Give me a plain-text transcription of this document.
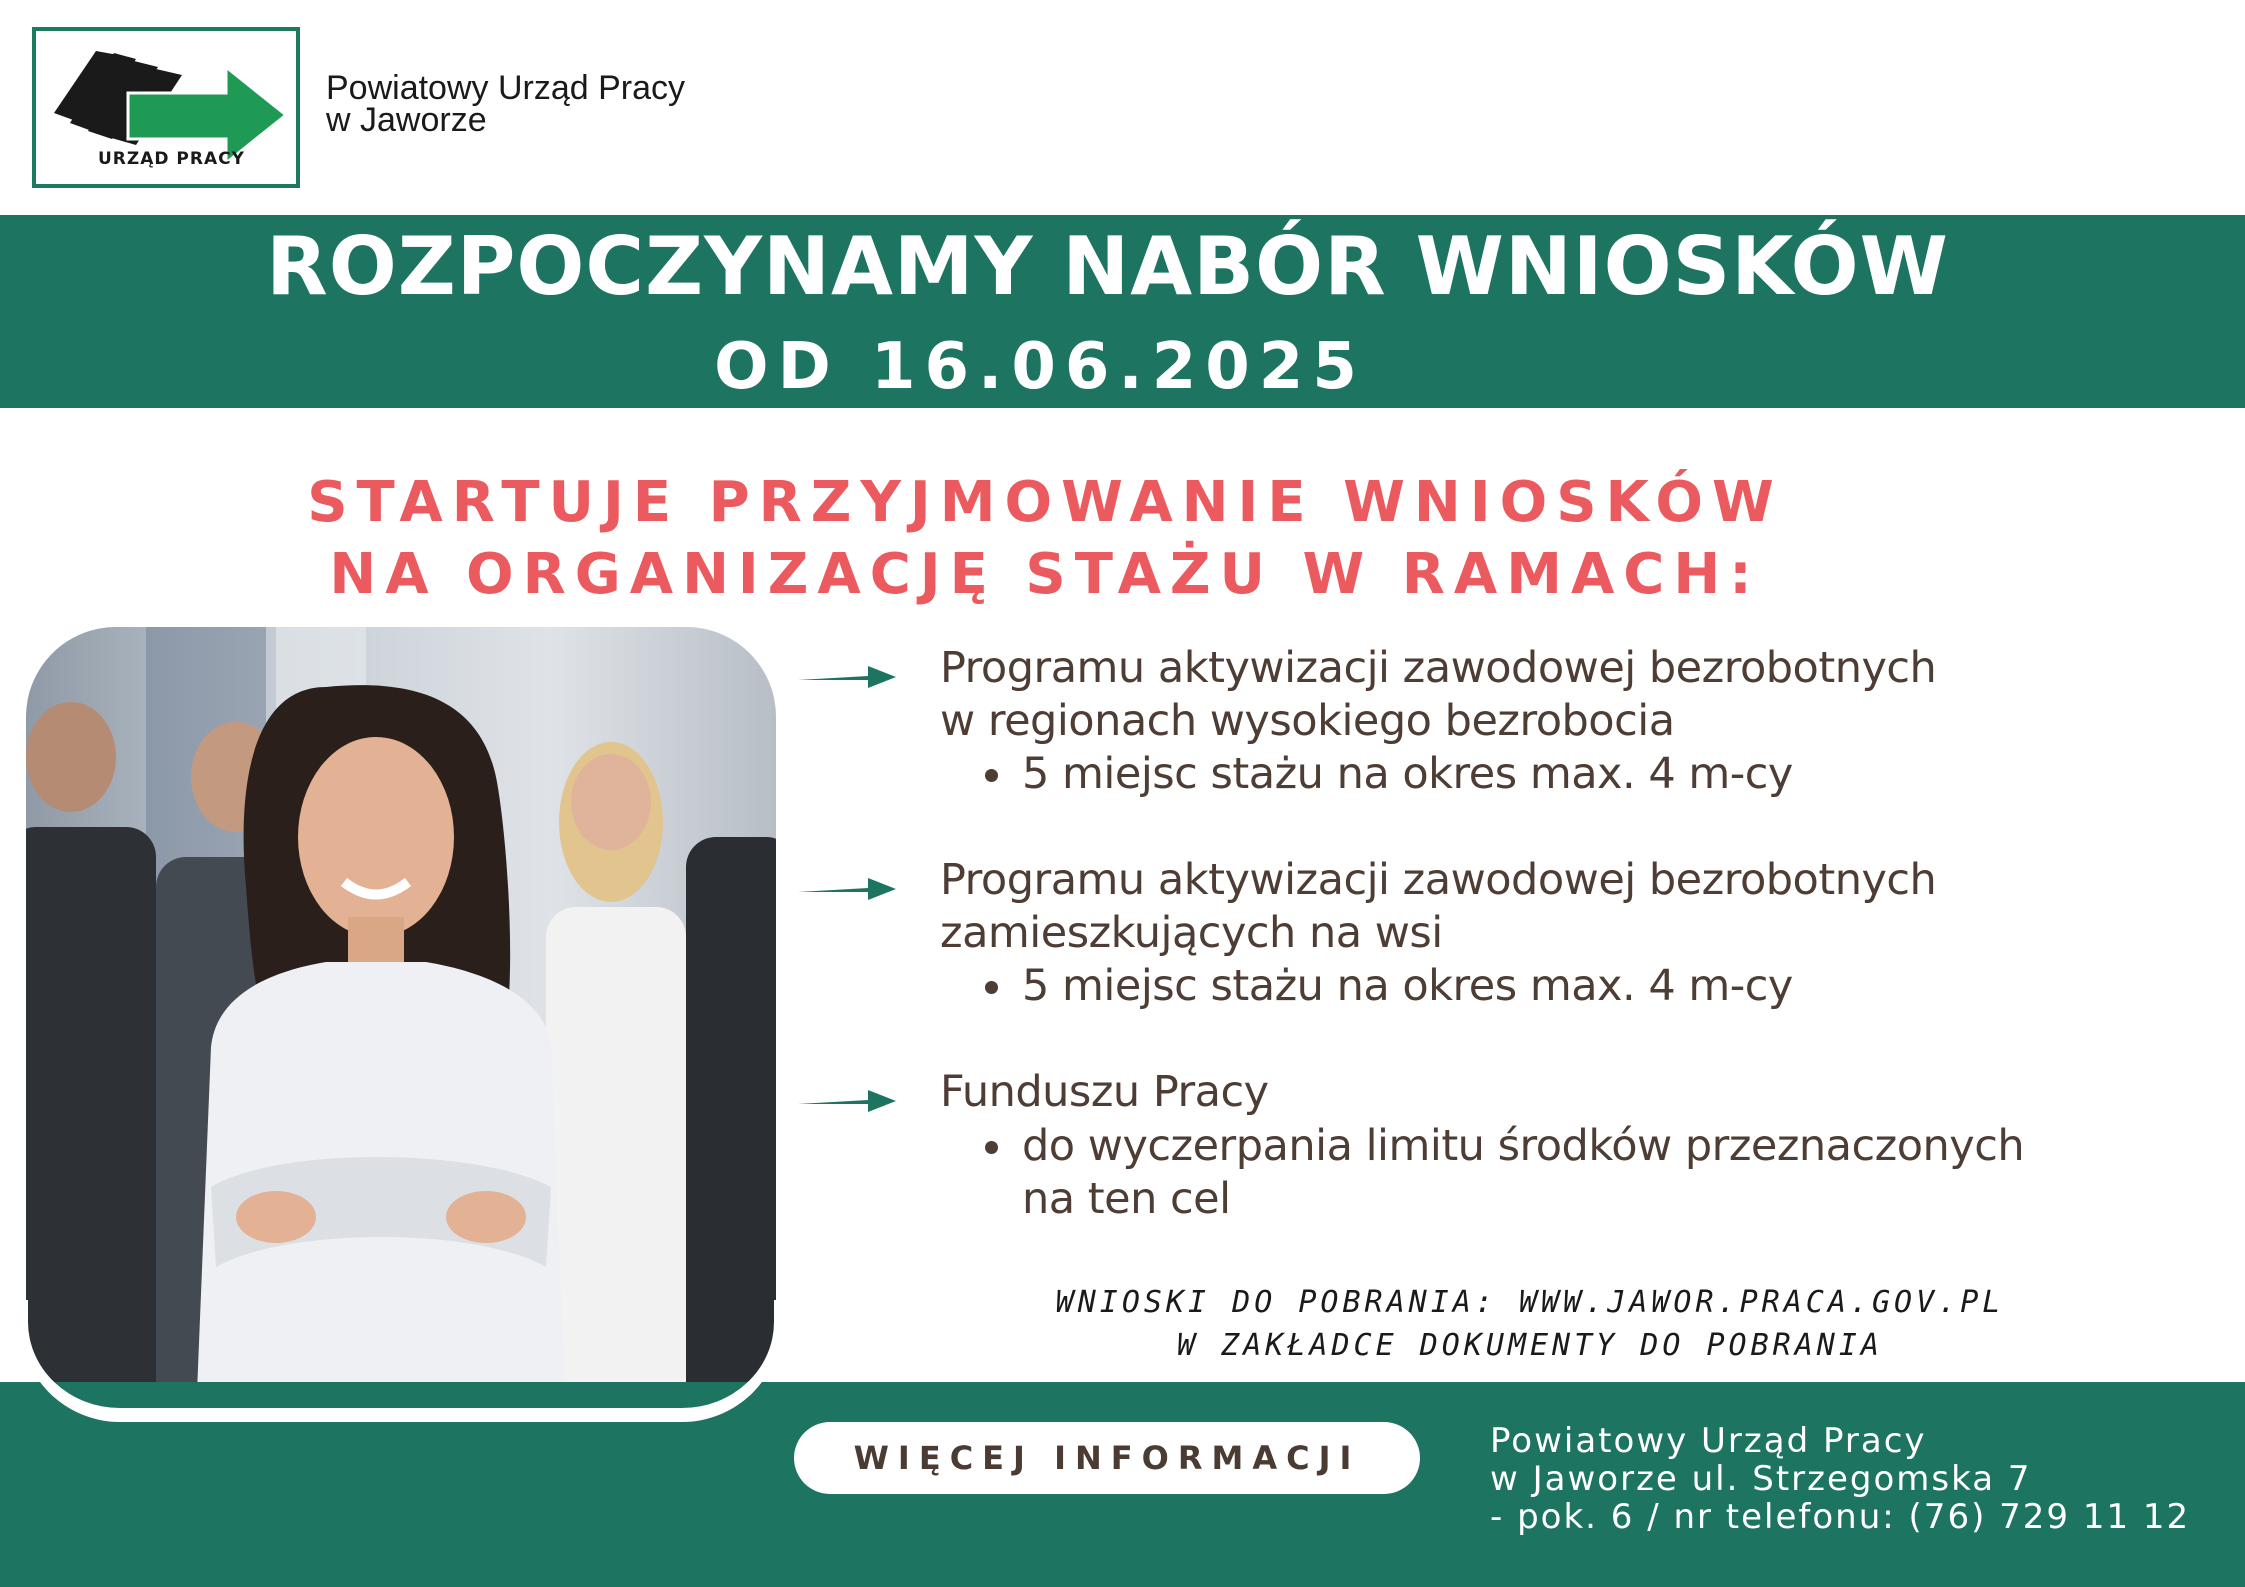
URZĄD PRACY
Powiatowy Urząd Pracy
w Jaworze
ROZPOCZYNAMY NABÓR WNIOSKÓW
OD 16.06.2025
STARTUJE PRZYJMOWANIE WNIOSKÓW
NA ORGANIZACJĘ STAŻU W RAMACH:
Programu aktywizacji zawodowej bezrobotnych
w regionach wysokiego bezrobocia
5 miejsc stażu na okres max. 4 m-cy
Programu aktywizacji zawodowej bezrobotnych
zamieszkujących na wsi
5 miejsc stażu na okres max. 4 m-cy
Funduszu Pracy
do wyczerpania limitu środków przeznaczonych
na ten cel
WNIOSKI DO POBRANIA: WWW.JAWOR.PRACA.GOV.PL
W ZAKŁADCE DOKUMENTY DO POBRANIA
WIĘCEJ INFORMACJI	Powiatowy Urząd Pracy
w Jaworze ul. Strzegomska 7
- pok. 6 / nr telefonu: (76) 729 11 12
